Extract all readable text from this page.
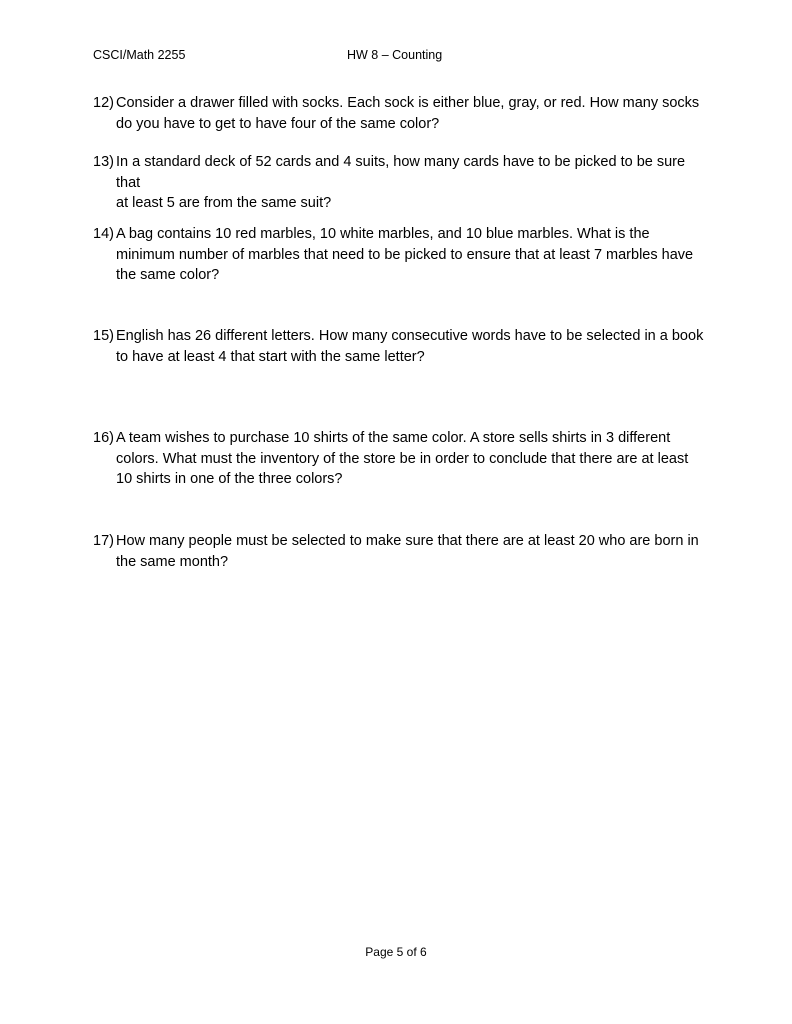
CSCI/Math 2255	HW 8 – Counting
12) Consider a drawer filled with socks. Each sock is either blue, gray, or red. How many socks
do you have to get to have four of the same color?
13) In a standard deck of 52 cards and 4 suits, how many cards have to be picked to be sure that
at least 5 are from the same suit?
14) A bag contains 10 red marbles, 10 white marbles, and 10 blue marbles. What is the
minimum number of marbles that need to be picked to ensure that at least 7 marbles have
the same color?
15) English has 26 different letters. How many consecutive words have to be selected in a book
to have at least 4 that start with the same letter?
16) A team wishes to purchase 10 shirts of the same color. A store sells shirts in 3 different
colors. What must the inventory of the store be in order to conclude that there are at least
10 shirts in one of the three colors?
17) How many people must be selected to make sure that there are at least 20 who are born in
the same month?
Page 5 of 6
